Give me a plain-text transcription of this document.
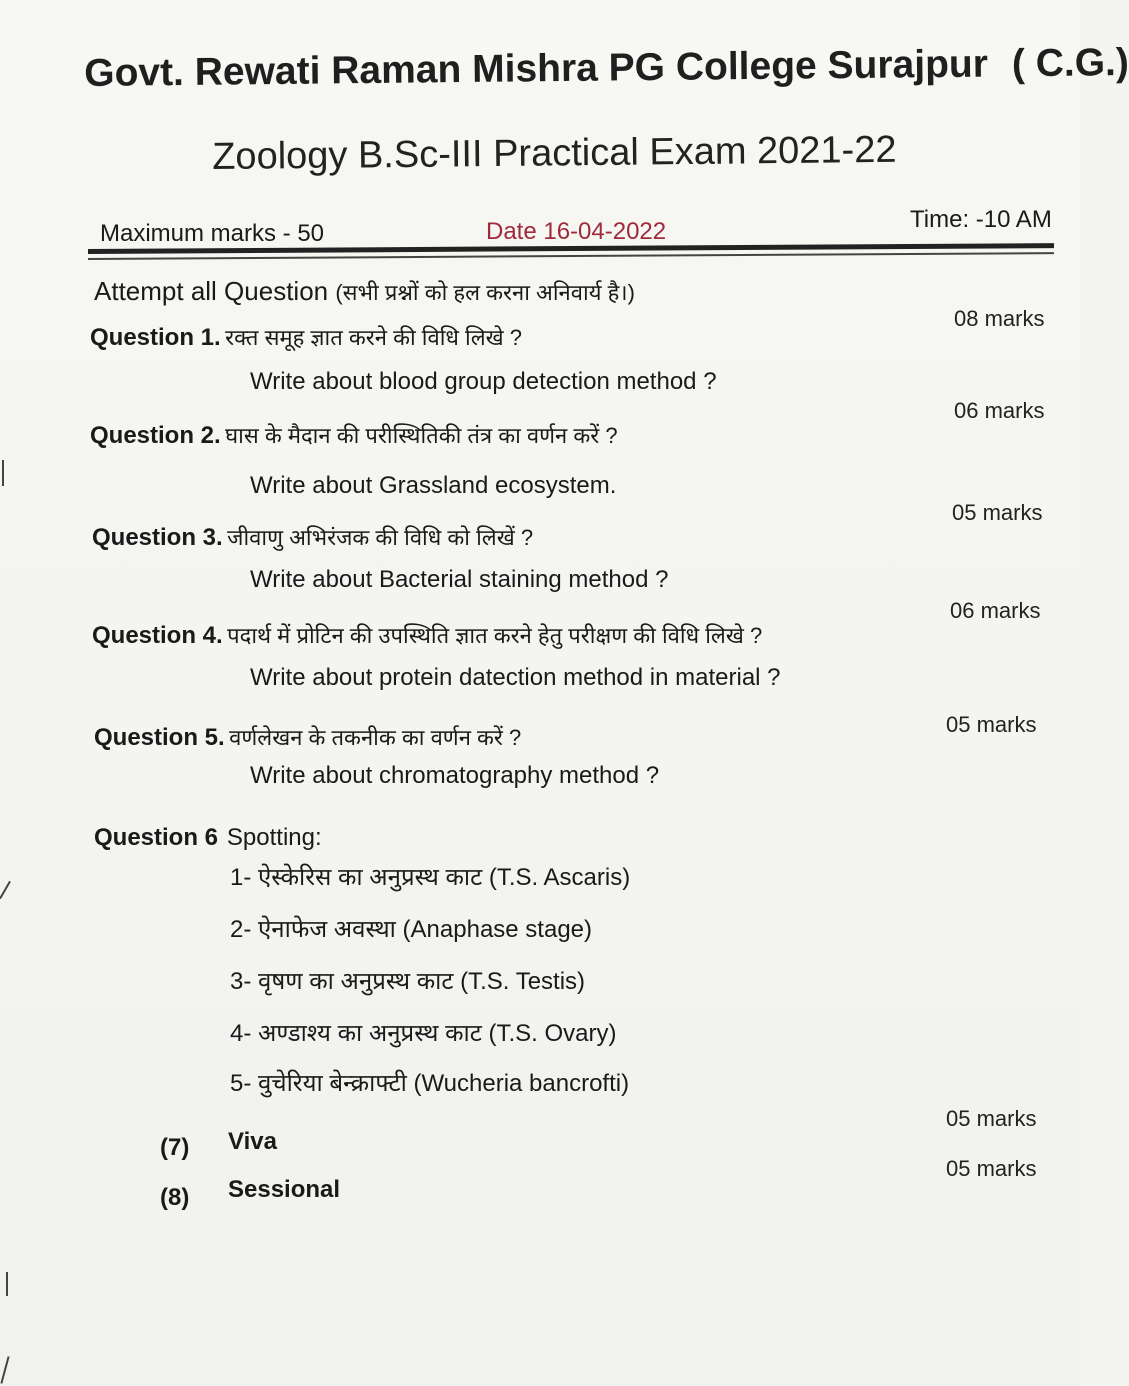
Govt. Rewati Raman Mishra PG College Surajpur ( C.G.)
Zoology B.Sc-III Practical Exam 2021-22
Maximum marks - 50	Date 16-04-2022	Time: -10 AM
Attempt all Question (सभी प्रश्नों को हल करना अनिवार्य है।)
Question 1. रक्त समूह ज्ञात करने की विधि लिखे ?
08 marks
Write about blood group detection method ?
06 marks
Question 2. घास के मैदान की परीस्थितिकी तंत्र का वर्णन करें ?
Write about Grassland ecosystem.
05 marks
Question 3. जीवाणु अभिरंजक की विधि को लिखें ?
Write about Bacterial staining method ?
Question 4. पदार्थ में प्रोटिन की उपस्थिति ज्ञात करने हेतु परीक्षण की विधि लिखे ?
06 marks
Write about protein datection method in material ?
Question 5. वर्णलेखन के तकनीक का वर्णन करें ?
05 marks
Write about chromatography method ?
Question 6 Spotting:
1- ऐस्केरिस का अनुप्रस्थ काट (T.S. Ascaris)
2- ऐनाफेज अवस्था (Anaphase stage)
3- वृषण का अनुप्रस्थ काट (T.S. Testis)
4- अण्डाश्य का अनुप्रस्थ काट (T.S. Ovary)
5- वुचेरिया बेन्क्राफ्टी (Wucheria bancrofti)
05 marks
(7) Viva
05 marks
(8) Sessional
